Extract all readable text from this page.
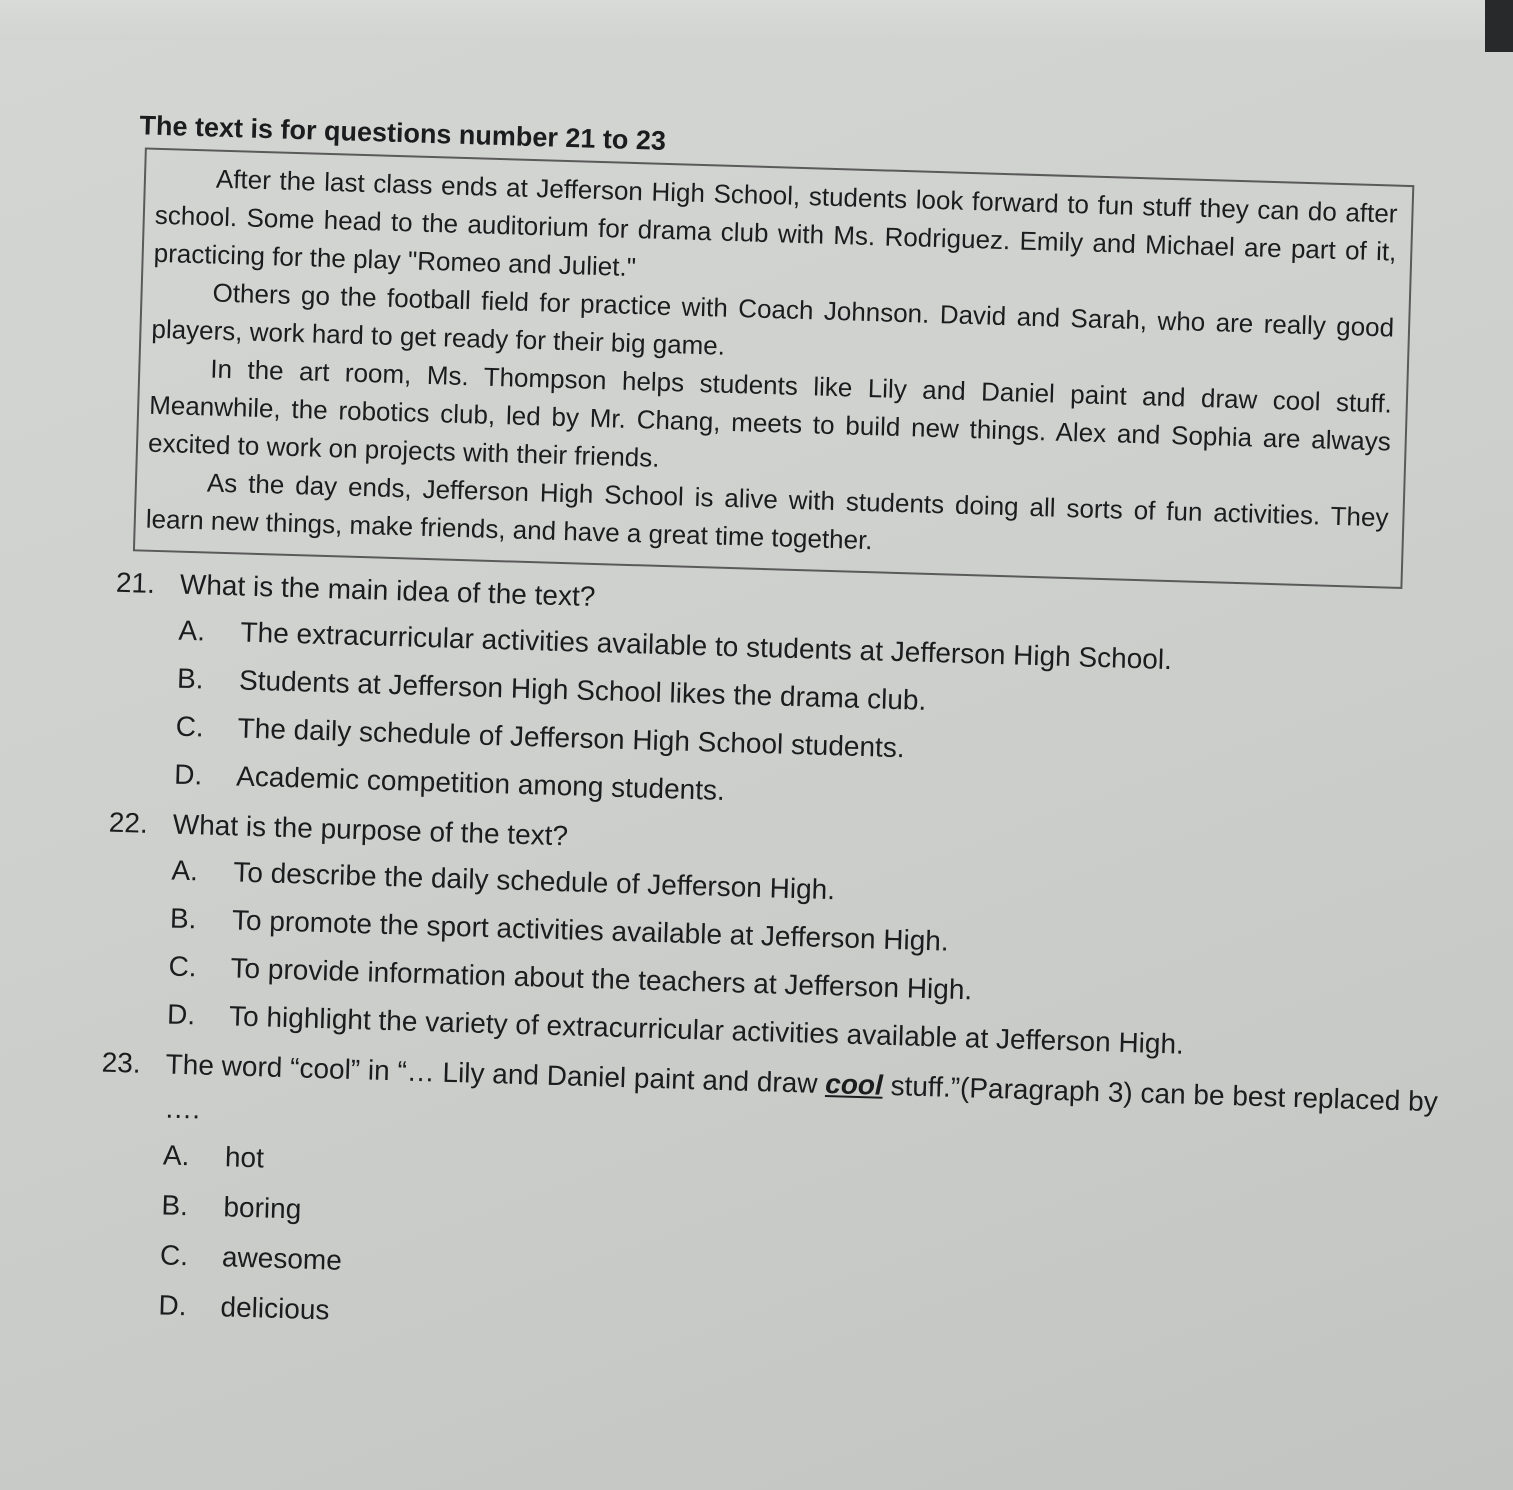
The text is for questions number 21 to 23

After the last class ends at Jefferson High School, students look forward to fun stuff they can do after school. Some head to the auditorium for drama club with Ms. Rodriguez. Emily and Michael are part of it, practicing for the play "Romeo and Juliet."

Others go the football field for practice with Coach Johnson. David and Sarah, who are really good players, work hard to get ready for their big game.

In the art room, Ms. Thompson helps students like Lily and Daniel paint and draw cool stuff. Meanwhile, the robotics club, led by Mr. Chang, meets to build new things. Alex and Sophia are always excited to work on projects with their friends.

As the day ends, Jefferson High School is alive with students doing all sorts of fun activities. They learn new things, make friends, and have a great time together.

21. What is the main idea of the text?
A.	The extracurricular activities available to students at Jefferson High School.
B.	Students at Jefferson High School likes the drama club.
C.	The daily schedule of Jefferson High School students.
D.	Academic competition among students.
22. What is the purpose of the text?
A.	To describe the daily schedule of Jefferson High.
B.	To promote the sport activities available at Jefferson High.
C.	To provide information about the teachers at Jefferson High.
D.	To highlight the variety of extracurricular activities available at Jefferson High.
23. The word “cool” in “… Lily and Daniel paint and draw cool stuff.”(Paragraph 3) can be best replaced by ….
A.	hot
B.	boring
C.	awesome
D.	delicious
